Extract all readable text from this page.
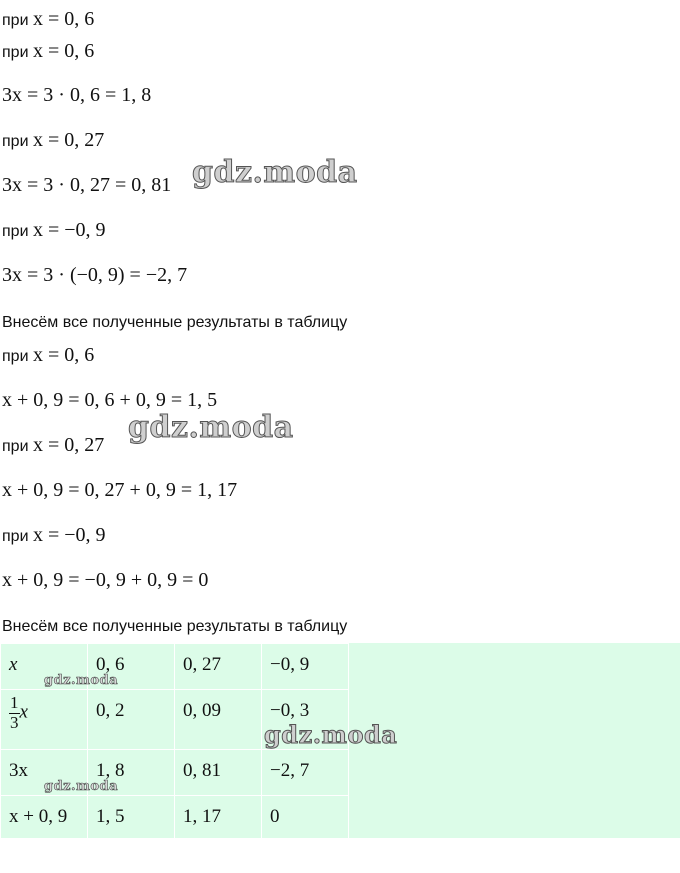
при x = 0, 6
при x = 0, 6
3x = 3 · 0, 6 = 1, 8
при x = 0, 27
3x = 3 · 0, 27 = 0, 81
при x = −0, 9
3x = 3 · (−0, 9) = −2, 7
Внесём все полученные результаты в таблицу
при x = 0, 6
x + 0, 9 = 0, 6 + 0, 9 = 1, 5
при x = 0, 27
x + 0, 9 = 0, 27 + 0, 9 = 1, 17
при x = −0, 9
x + 0, 9 = −0, 9 + 0, 9 = 0
Внесём все полученные результаты в таблицу
x	0, 6	0, 27	−0, 9

$\frac{1}{3}$ x	0, 2	0, 09	−0, 3
3x	1, 8	0, 81	−2, 7
x + 0, 9	1, 5	1, 17	0
gdz.moda
gdz.moda
gdz.moda
gdz.moda
gdz.moda
